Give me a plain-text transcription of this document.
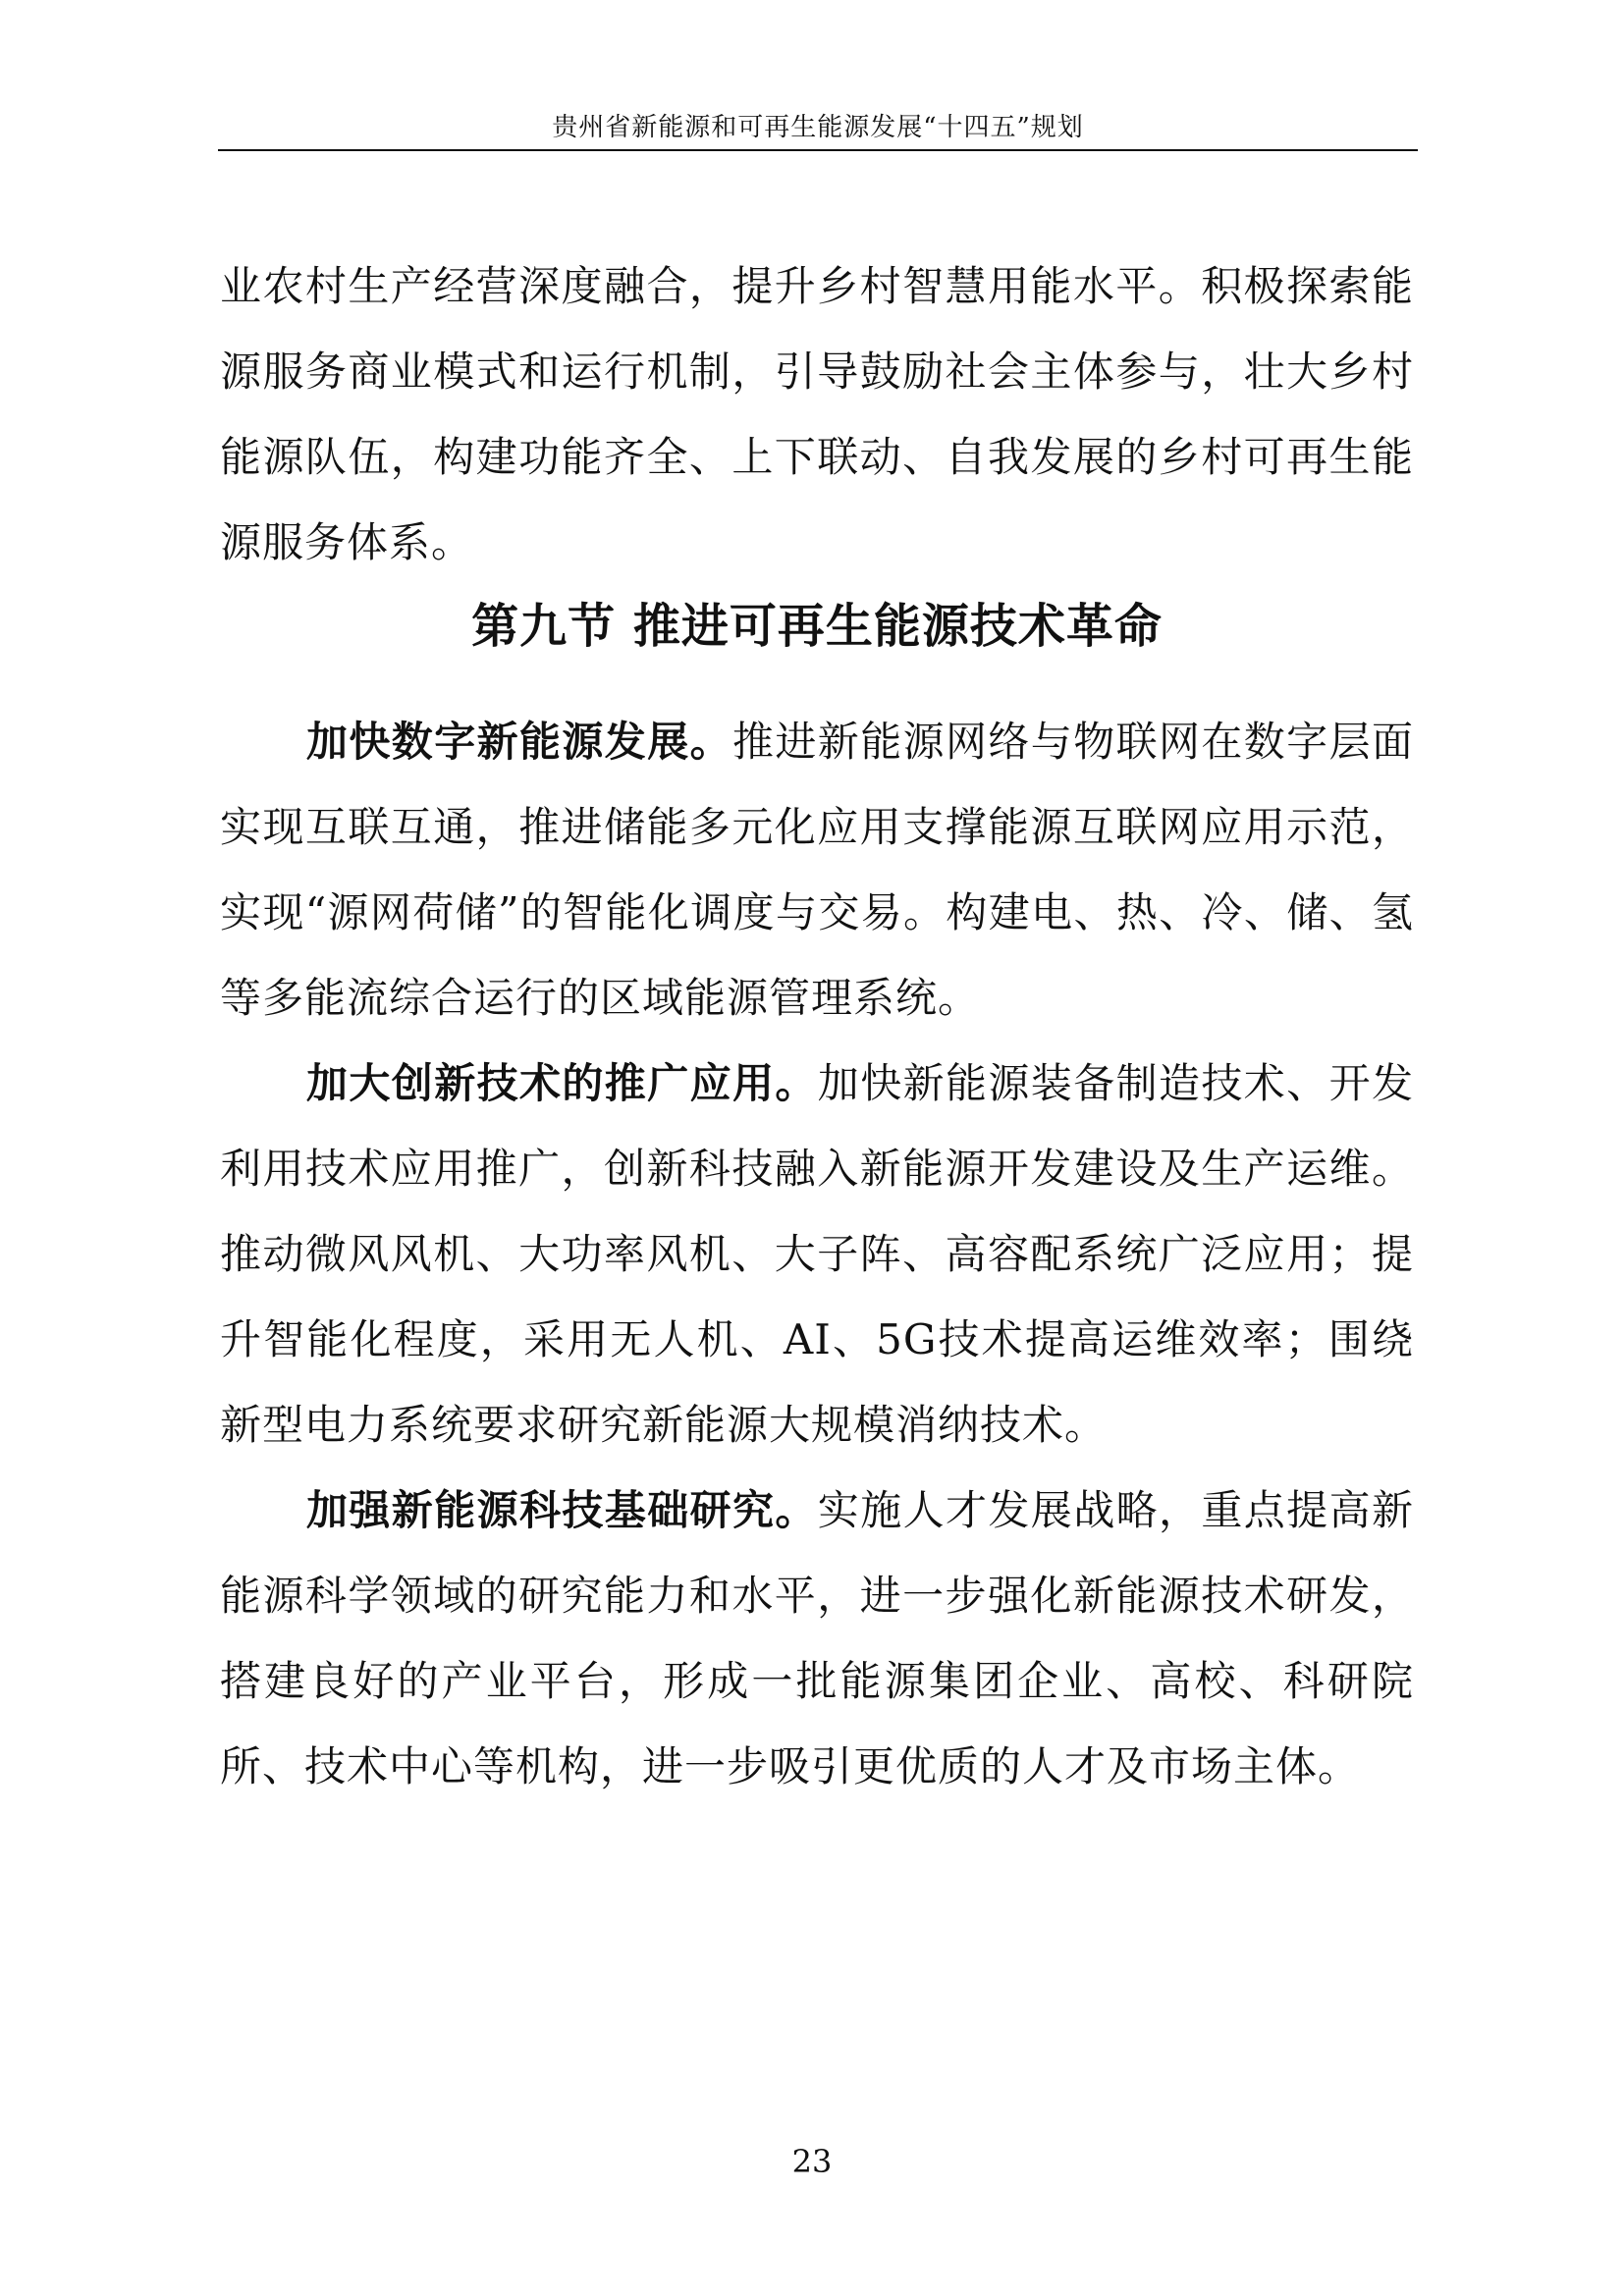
贵州省新能源和可再生能源发展“十四五”规划

业农村生产经营深度融合，提升乡村智慧用能水平。积极探索能源服务商业模式和运行机制，引导鼓励社会主体参与，壮大乡村能源队伍，构建功能齐全、上下联动、自我发展的乡村可再生能源服务体系。

第九节 推进可再生能源技术革命

加快数字新能源发展。推进新能源网络与物联网在数字层面实现互联互通，推进储能多元化应用支撑能源互联网应用示范，实现“源网荷储”的智能化调度与交易。构建电、热、冷、储、氢等多能流综合运行的区域能源管理系统。

加大创新技术的推广应用。加快新能源装备制造技术、开发利用技术应用推广，创新科技融入新能源开发建设及生产运维。推动微风风机、大功率风机、大子阵、高容配系统广泛应用；提升智能化程度，采用无人机、AI、5G技术提高运维效率；围绕新型电力系统要求研究新能源大规模消纳技术。

加强新能源科技基础研究。实施人才发展战略，重点提高新能源科学领域的研究能力和水平，进一步强化新能源技术研发，搭建良好的产业平台，形成一批能源集团企业、高校、科研院所、技术中心等机构，进一步吸引更优质的人才及市场主体。

23
